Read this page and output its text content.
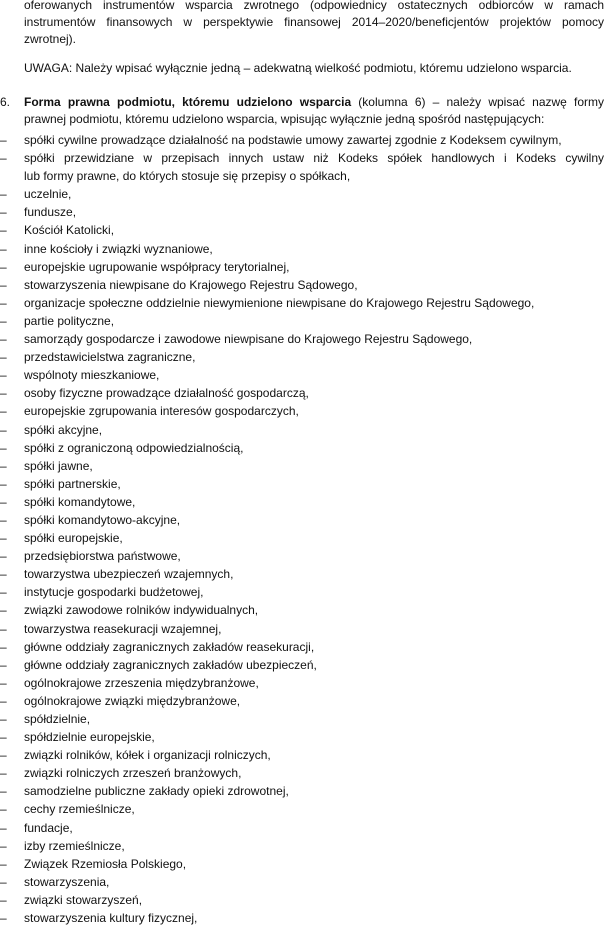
oferowanych instrumentów wsparcia zwrotnego (odpowiednicy ostatecznych odbiorców w ramach
instrumentów finansowych w perspektywie finansowej 2014–2020/beneficjentów projektów pomocy
zwrotnej).
UWAGA: Należy wpisać wyłącznie jedną – adekwatną wielkość podmiotu, któremu udzielono wsparcia.
6. Forma prawna podmiotu, któremu udzielono wsparcia (kolumna 6) – należy wpisać nazwę formy
prawnej podmiotu, któremu udzielono wsparcia, wpisując wyłącznie jedną spośród następujących:
– spółki cywilne prowadzące działalność na podstawie umowy zawartej zgodnie z Kodeksem cywilnym,
– spółki przewidziane w przepisach innych ustaw niż Kodeks spółek handlowych i Kodeks cywilny
lub formy prawne, do których stosuje się przepisy o spółkach,
– uczelnie,
– fundusze,
– Kościół Katolicki,
– inne kościoły i związki wyznaniowe,
– europejskie ugrupowanie współpracy terytorialnej,
– stowarzyszenia niewpisane do Krajowego Rejestru Sądowego,
– organizacje społeczne oddzielnie niewymienione niewpisane do Krajowego Rejestru Sądowego,
– partie polityczne,
– samorządy gospodarcze i zawodowe niewpisane do Krajowego Rejestru Sądowego,
– przedstawicielstwa zagraniczne,
– wspólnoty mieszkaniowe,
– osoby fizyczne prowadzące działalność gospodarczą,
– europejskie zgrupowania interesów gospodarczych,
– spółki akcyjne,
– spółki z ograniczoną odpowiedzialnością,
– spółki jawne,
– spółki partnerskie,
– spółki komandytowe,
– spółki komandytowo-akcyjne,
– spółki europejskie,
– przedsiębiorstwa państwowe,
– towarzystwa ubezpieczeń wzajemnych,
– instytucje gospodarki budżetowej,
– związki zawodowe rolników indywidualnych,
– towarzystwa reasekuracji wzajemnej,
– główne oddziały zagranicznych zakładów reasekuracji,
– główne oddziały zagranicznych zakładów ubezpieczeń,
– ogólnokrajowe zrzeszenia międzybranżowe,
– ogólnokrajowe związki międzybranżowe,
– spółdzielnie,
– spółdzielnie europejskie,
– związki rolników, kółek i organizacji rolniczych,
– związki rolniczych zrzeszeń branżowych,
– samodzielne publiczne zakłady opieki zdrowotnej,
– cechy rzemieślnicze,
– fundacje,
– izby rzemieślnicze,
– Związek Rzemiosła Polskiego,
– stowarzyszenia,
– związki stowarzyszeń,
– stowarzyszenia kultury fizycznej,
